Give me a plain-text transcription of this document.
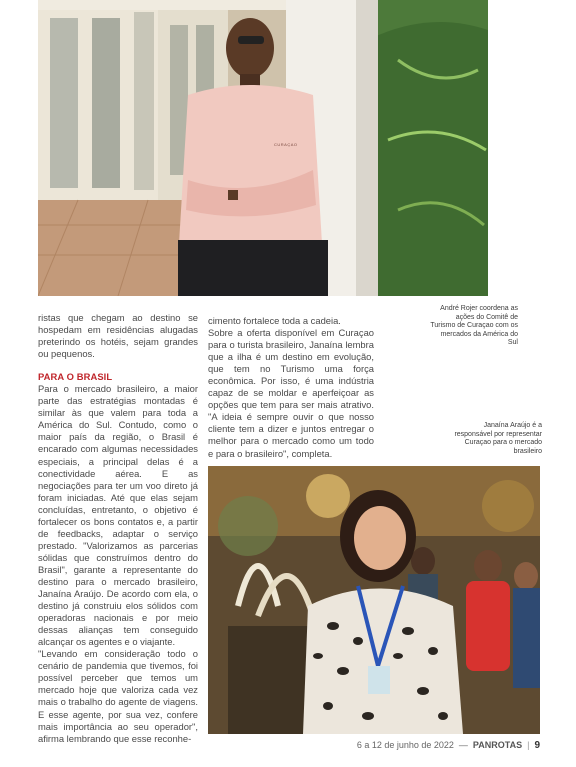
CURAÇAO
André Rojer coordena as ações do Comitê de Turismo de Curaçao com os mercados da América do Sul

ristas que chegam ao destino se hospedam em residências alugadas preterindo os hotéis, sejam grandes ou pequenos.

PARA O BRASIL

Para o mercado brasileiro, a maior parte das estratégias montadas é similar às que valem para toda a América do Sul. Contudo, como o maior país da região, o Brasil é encarado com algumas necessidades especiais, a principal delas é a conectividade aérea. E as negociações para ter um voo direto já foram iniciadas. Até que elas sejam concluídas, entretanto, o objetivo é fortalecer os bons contatos e, a partir de feedbacks, adaptar o serviço prestado. "Valorizamos as parcerias sólidas que construímos dentro do Brasil", garante a representante do destino para o mercado brasileiro, Janaína Araújo. De acordo com ela, o destino já construiu elos sólidos com operadoras nacionais e por meio dessas alianças tem conseguido alcançar os agentes e o viajante.

"Levando em consideração todo o cenário de pandemia que tivemos, foi possível perceber que temos um mercado hoje que valoriza cada vez mais o trabalho do agente de viagens. E esse agente, por sua vez, confere mais importância ao seu operador", afirma lembrando que esse reconhe-

cimento fortalece toda a cadeia.

Sobre a oferta disponível em Curaçao para o turista brasileiro, Janaína lembra que a ilha é um destino em evolução, que tem no Turismo uma força econômica. Por isso, é uma indústria capaz de se moldar e aperfeiçoar as opções que tem para ser mais atrativo. "A ideia é sempre ouvir o que nosso cliente tem a dizer e juntos entregar o melhor para o mercado como um todo e para o brasileiro", completa.

Janaína Araújo é a responsável por representar Curaçao para o mercado brasileiro
6 a 12 de junho de 2022 — PANROTAS | 9
